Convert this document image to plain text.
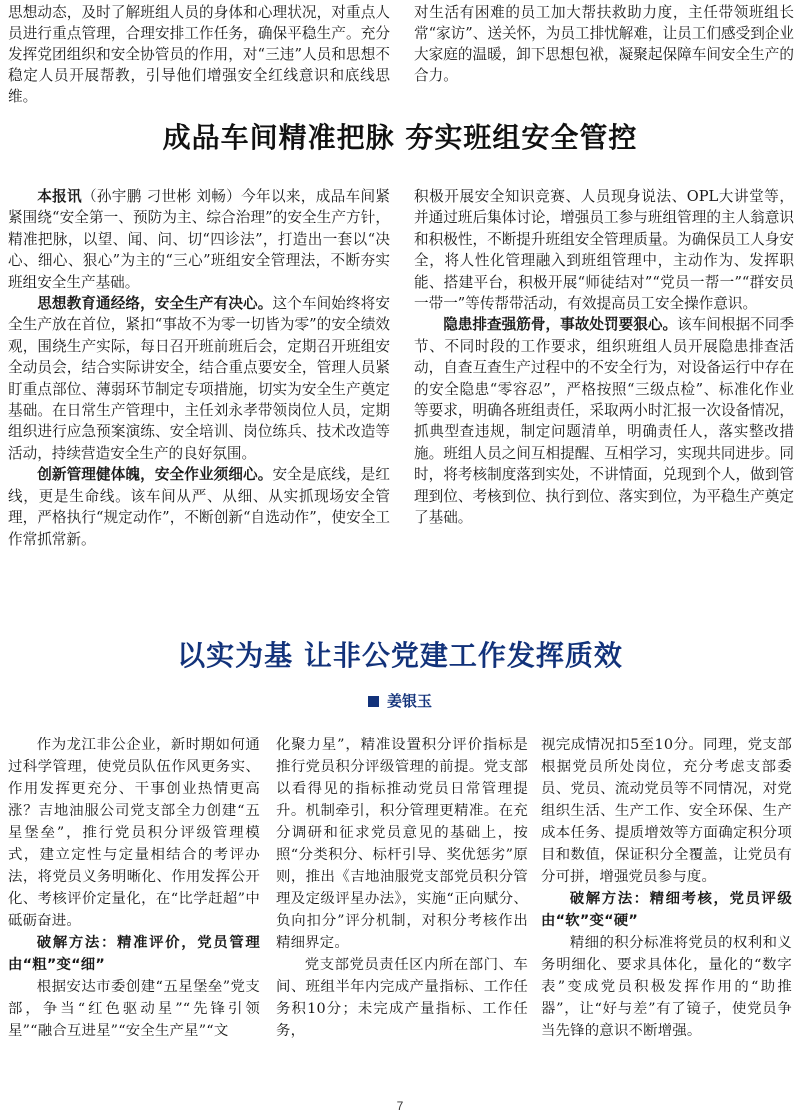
思想动态，及时了解班组人员的身体和心理状况，对重点人员进行重点管理，合理安排工作任务，确保平稳生产。充分发挥党团组织和安全协管员的作用，对“三违”人员和思想不稳定人员开展帮教，引导他们增强安全红线意识和底线思维。

对生活有困难的员工加大帮扶救助力度，主任带领班组长常“家访”、送关怀，为员工排忧解难，让员工们感受到企业大家庭的温暖，卸下思想包袱，凝聚起保障车间安全生产的合力。

成品车间精准把脉 夯实班组安全管控

本报讯（孙宇鹏 刁世彬 刘畅）今年以来，成品车间紧紧围绕“安全第一、预防为主、综合治理”的安全生产方针，精准把脉，以望、闻、问、切“四诊法”，打造出一套以“决心、细心、狠心”为主的“三心”班组安全管理法，不断夯实班组安全生产基础。

思想教育通经络，安全生产有决心。这个车间始终将安全生产放在首位，紧扣“事故不为零一切皆为零”的安全绩效观，围绕生产实际，每日召开班前班后会，定期召开班组安全动员会，结合实际讲安全，结合重点要安全，管理人员紧盯重点部位、薄弱环节制定专项措施，切实为安全生产奠定基础。在日常生产管理中，主任刘永孝带领岗位人员，定期组织进行应急预案演练、安全培训、岗位练兵、技术改造等活动，持续营造安全生产的良好氛围。

创新管理健体魄，安全作业须细心。安全是底线，是红线，更是生命线。该车间从严、从细、从实抓现场安全管理，严格执行“规定动作”，不断创新“自选动作”，使安全工作常抓常新。

积极开展安全知识竞赛、人员现身说法、OPL大讲堂等，并通过班后集体讨论，增强员工参与班组管理的主人翁意识和积极性，不断提升班组安全管理质量。为确保员工人身安全，将人性化管理融入到班组管理中，主动作为、发挥职能、搭建平台，积极开展“师徒结对”“党员一帮一”“群安员一带一”等传帮带活动，有效提高员工安全操作意识。

隐患排查强筋骨，事故处罚要狠心。该车间根据不同季节、不同时段的工作要求，组织班组人员开展隐患排查活动，自查互查生产过程中的不安全行为，对设备运行中存在的安全隐患“零容忍”，严格按照“三级点检”、标准化作业等要求，明确各班组责任，采取两小时汇报一次设备情况，抓典型查违规，制定问题清单，明确责任人，落实整改措施。班组人员之间互相提醒、互相学习，实现共同进步。同时，将考核制度落到实处，不讲情面，兑现到个人，做到管理到位、考核到位、执行到位、落实到位，为平稳生产奠定了基础。

以实为基 让非公党建工作发挥质效
姜银玉

作为龙江非公企业，新时期如何通过科学管理，使党员队伍作风更务实、作用发挥更充分、干事创业热情更高涨？吉地油服公司党支部全力创建“五星堡垒”，推行党员积分评级管理模式，建立定性与定量相结合的考评办法，将党员义务明晰化、作用发挥公开化、考核评价定量化，在“比学赶超”中砥砺奋进。

破解方法：精准评价，党员管理由“粗”变“细”

根据安达市委创建“五星堡垒”党支部，争当“红色驱动星”“先锋引领星”“融合互进星”“安全生产星”“文

化聚力星”，精准设置积分评价指标是推行党员积分评级管理的前提。党支部以看得见的指标推动党员日常管理提升。机制牵引，积分管理更精准。在充分调研和征求党员意见的基础上，按照“分类积分、标杆引导、奖优惩劣”原则，推出《吉地油服党支部党员积分管理及定级评星办法》，实施“正向赋分、负向扣分”评分机制，对积分考核作出精细界定。

党支部党员责任区内所在部门、车间、班组半年内完成产量指标、工作任务积10分；未完成产量指标、工作任务，

视完成情况扣5至10分。同理，党支部根据党员所处岗位，充分考虑支部委员、党员、流动党员等不同情况，对党组织生活、生产工作、安全环保、生产成本任务、提质增效等方面确定积分项目和数值，保证积分全覆盖，让党员有分可拼，增强党员参与度。

破解方法：精细考核，党员评级由“软”变“硬”

精细的积分标准将党员的权利和义务明细化、要求具体化，量化的“数字表”变成党员积极发挥作用的“助推器”，让“好与差”有了镜子，使党员争当先锋的意识不断增强。

7
